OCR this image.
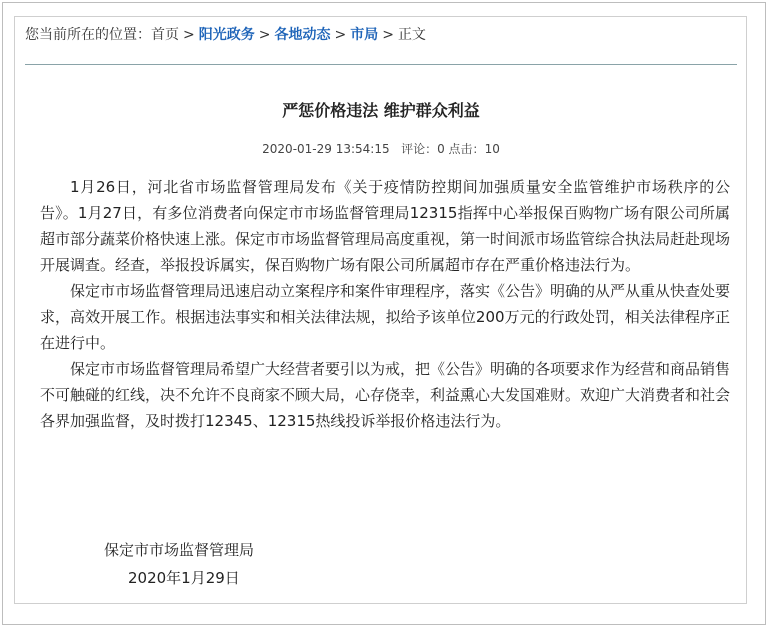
您当前所在的位置：首页 > 阳光政务 > 各地动态 > 市局 > 正文
严惩价格违法 维护群众利益
2020-01-29 13:54:15 评论：0 点击：10

1月26日，河北省市场监督管理局发布《关于疫情防控期间加强质量安全监管维护市场秩序的公告》。1月27日，有多位消费者向保定市市场监督管理局12315指挥中心举报保百购物广场有限公司所属超市部分蔬菜价格快速上涨。保定市市场监督管理局高度重视，第一时间派市场监管综合执法局赶赴现场开展调查。经查，举报投诉属实，保百购物广场有限公司所属超市存在严重价格违法行为。

保定市市场监督管理局迅速启动立案程序和案件审理程序，落实《公告》明确的从严从重从快查处要求，高效开展工作。根据违法事实和相关法律法规，拟给予该单位200万元的行政处罚，相关法律程序正在进行中。

保定市市场监督管理局希望广大经营者要引以为戒，把《公告》明确的各项要求作为经营和商品销售不可触碰的红线，决不允许不良商家不顾大局，心存侥幸，利益熏心大发国难财。欢迎广大消费者和社会各界加强监督，及时拨打12345、12315热线投诉举报价格违法行为。

保定市市场监督管理局
2020年1月29日
